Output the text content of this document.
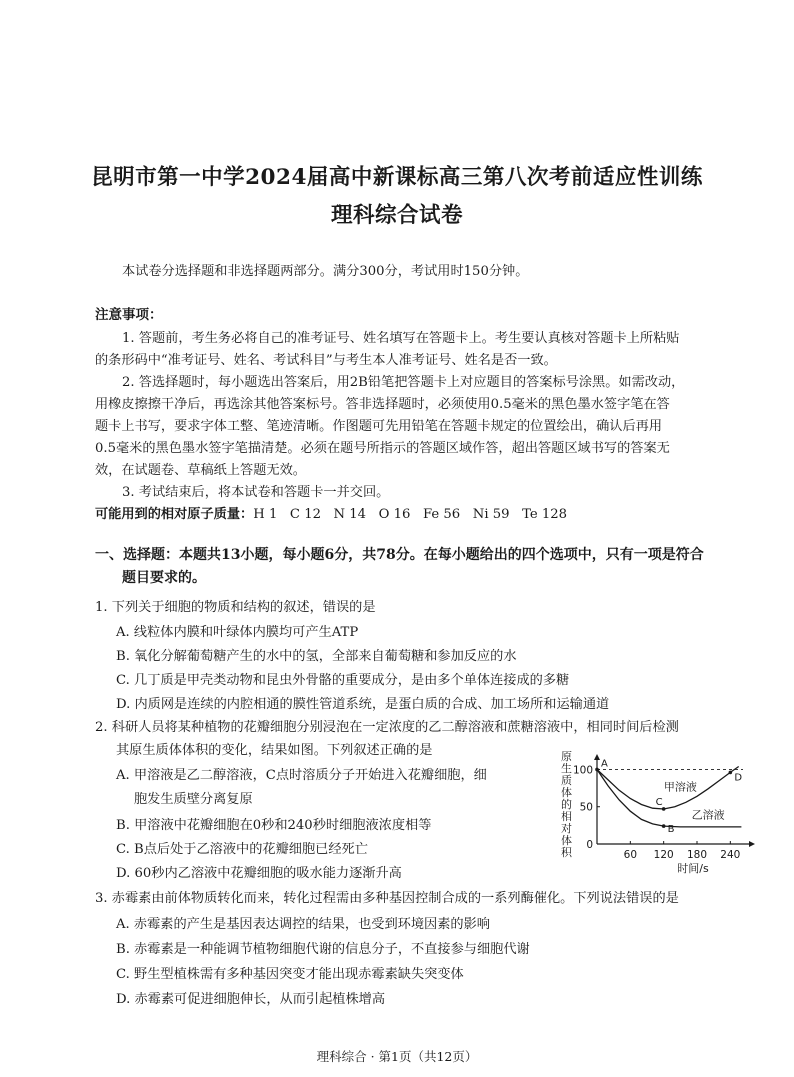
昆明市第一中学2024届高中新课标高三第八次考前适应性训练
理科综合试卷
本试卷分选择题和非选择题两部分。满分300分，考试用时150分钟。
注意事项：
1. 答题前，考生务必将自己的准考证号、姓名填写在答题卡上。考生要认真核对答题卡上所粘贴
的条形码中“准考证号、姓名、考试科目”与考生本人准考证号、姓名是否一致。
2. 答选择题时，每小题选出答案后，用2B铅笔把答题卡上对应题目的答案标号涂黑。如需改动，
用橡皮擦擦干净后，再选涂其他答案标号。答非选择题时，必须使用0.5毫米的黑色墨水签字笔在答
题卡上书写，要求字体工整、笔迹清晰。作图题可先用铅笔在答题卡规定的位置绘出，确认后再用
0.5毫米的黑色墨水签字笔描清楚。必须在题号所指示的答题区域作答，超出答题区域书写的答案无
效，在试题卷、草稿纸上答题无效。
3. 考试结束后，将本试卷和答题卡一并交回。
可能用到的相对原子质量：H 1   C 12   N 14   O 16   Fe 56   Ni 59   Te 128
一、选择题：本题共13小题，每小题6分，共78分。在每小题给出的四个选项中，只有一项是符合
题目要求的。
1. 下列关于细胞的物质和结构的叙述，错误的是
A. 线粒体内膜和叶绿体内膜均可产生ATP
B. 氧化分解葡萄糖产生的水中的氢，全部来自葡萄糖和参加反应的水
C. 几丁质是甲壳类动物和昆虫外骨骼的重要成分，是由多个单体连接成的多糖
D. 内质网是连续的内腔相通的膜性管道系统，是蛋白质的合成、加工场所和运输通道
2. 科研人员将某种植物的花瓣细胞分别浸泡在一定浓度的乙二醇溶液和蔗糖溶液中，相同时间后检测
其原生质体体积的变化，结果如图。下列叙述正确的是
A. 甲溶液是乙二醇溶液，C点时溶质分子开始进入花瓣细胞，细
胞发生质壁分离复原
B. 甲溶液中花瓣细胞在0秒和240秒时细胞液浓度相等
C. B点后处于乙溶液中的花瓣细胞已经死亡
D. 60秒内乙溶液中花瓣细胞的吸水能力逐渐升高
原
生
质
体
的
相
对
体
积
0
50
100
60 120 180 240
时间/s
甲溶液
乙溶液
A
B
C
D
3. 赤霉素由前体物质转化而来，转化过程需由多种基因控制合成的一系列酶催化。下列说法错误的是
A. 赤霉素的产生是基因表达调控的结果，也受到环境因素的影响
B. 赤霉素是一种能调节植物细胞代谢的信息分子，不直接参与细胞代谢
C. 野生型植株需有多种基因突变才能出现赤霉素缺失突变体
D. 赤霉素可促进细胞伸长，从而引起植株增高
理科综合 · 第1页（共12页）
